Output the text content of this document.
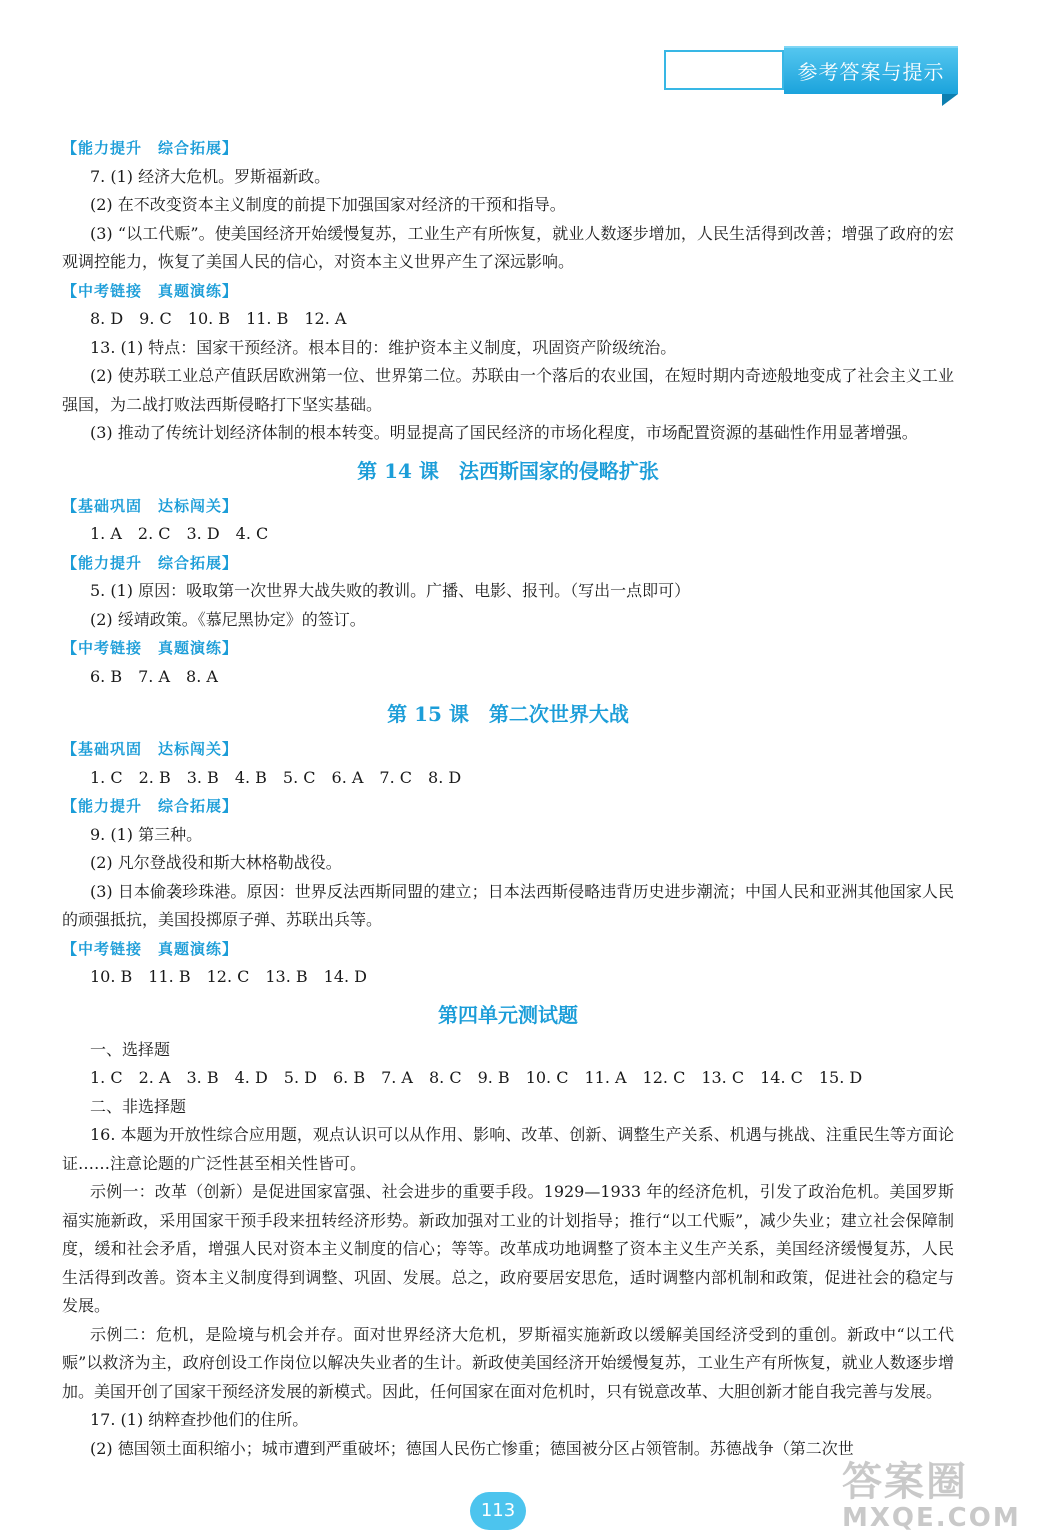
参考答案与提示

【能力提升　综合拓展】

7. (1) 经济大危机。罗斯福新政。

(2) 在不改变资本主义制度的前提下加强国家对经济的干预和指导。

(3) “以工代赈”。使美国经济开始缓慢复苏，工业生产有所恢复，就业人数逐步增加，人民生活得到改善；增强了政府的宏观调控能力，恢复了美国人民的信心，对资本主义世界产生了深远影响。

【中考链接　真题演练】

8. D　9. C　10. B　11. B　12. A

13. (1) 特点：国家干预经济。根本目的：维护资本主义制度，巩固资产阶级统治。

(2) 使苏联工业总产值跃居欧洲第一位、世界第二位。苏联由一个落后的农业国，在短时期内奇迹般地变成了社会主义工业强国，为二战打败法西斯侵略打下坚实基础。

(3) 推动了传统计划经济体制的根本转变。明显提高了国民经济的市场化程度，市场配置资源的基础性作用显著增强。

第 14 课　法西斯国家的侵略扩张

【基础巩固　达标闯关】

1. A　2. C　3. D　4. C

【能力提升　综合拓展】

5. (1) 原因：吸取第一次世界大战失败的教训。广播、电影、报刊。（写出一点即可）

(2) 绥靖政策。《慕尼黑协定》的签订。

【中考链接　真题演练】

6. B　7. A　8. A

第 15 课　第二次世界大战

【基础巩固　达标闯关】

1. C　2. B　3. B　4. B　5. C　6. A　7. C　8. D

【能力提升　综合拓展】

9. (1) 第三种。

(2) 凡尔登战役和斯大林格勒战役。

(3) 日本偷袭珍珠港。原因：世界反法西斯同盟的建立；日本法西斯侵略违背历史进步潮流；中国人民和亚洲其他国家人民的顽强抵抗，美国投掷原子弹、苏联出兵等。

【中考链接　真题演练】

10. B　11. B　12. C　13. B　14. D

第四单元测试题

一、选择题

1. C　2. A　3. B　4. D　5. D　6. B　7. A　8. C　9. B　10. C　11. A　12. C　13. C　14. C　15. D

二、非选择题

16. 本题为开放性综合应用题，观点认识可以从作用、影响、改革、创新、调整生产关系、机遇与挑战、注重民生等方面论证……注意论题的广泛性甚至相关性皆可。

示例一：改革（创新）是促进国家富强、社会进步的重要手段。1929—1933 年的经济危机，引发了政治危机。美国罗斯福实施新政，采用国家干预手段来扭转经济形势。新政加强对工业的计划指导；推行“以工代赈”，减少失业；建立社会保障制度，缓和社会矛盾，增强人民对资本主义制度的信心；等等。改革成功地调整了资本主义生产关系，美国经济缓慢复苏，人民生活得到改善。资本主义制度得到调整、巩固、发展。总之，政府要居安思危，适时调整内部机制和政策，促进社会的稳定与发展。

示例二：危机，是险境与机会并存。面对世界经济大危机，罗斯福实施新政以缓解美国经济受到的重创。新政中“以工代赈”以救济为主，政府创设工作岗位以解决失业者的生计。新政使美国经济开始缓慢复苏，工业生产有所恢复，就业人数逐步增加。美国开创了国家干预经济发展的新模式。因此，任何国家在面对危机时，只有锐意改革、大胆创新才能自我完善与发展。

17. (1) 纳粹查抄他们的住所。

(2) 德国领土面积缩小；城市遭到严重破坏；德国人民伤亡惨重；德国被分区占领管制。苏德战争（第二次世

113
答案圈
MXQE.COM
